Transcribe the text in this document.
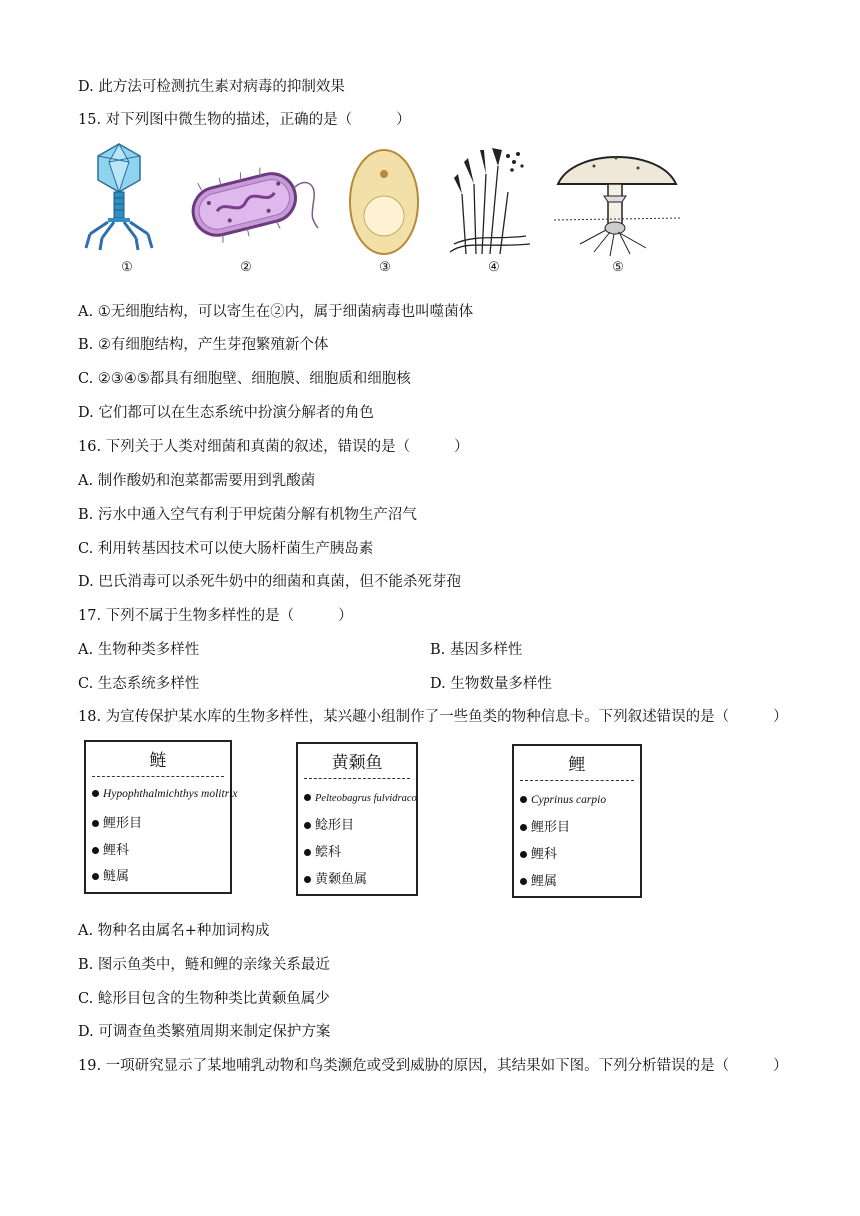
D. 此方法可检测抗生素对病毒的抑制效果
15. 对下列图中微生物的描述，正确的是（	）
①	②	③	④	⑤
A. ①无细胞结构，可以寄生在②内，属于细菌病毒也叫噬菌体
B. ②有细胞结构，产生芽孢繁殖新个体
C. ②③④⑤都具有细胞壁、细胞膜、细胞质和细胞核
D. 它们都可以在生态系统中扮演分解者的角色
16. 下列关于人类对细菌和真菌的叙述，错误的是（	）
A. 制作酸奶和泡菜都需要用到乳酸菌
B. 污水中通入空气有利于甲烷菌分解有机物生产沼气
C. 利用转基因技术可以使大肠杆菌生产胰岛素
D. 巴氏消毒可以杀死牛奶中的细菌和真菌，但不能杀死芽孢
17. 下列不属于生物多样性的是（	）
A. 生物种类多样性	B. 基因多样性
C. 生态系统多样性	D. 生物数量多样性
18. 为宣传保护某水库的生物多样性，某兴趣小组制作了一些鱼类的物种信息卡。下列叙述错误的是（	）
鲢
Hypophthalmichthys molitrix
鲤形目
鲤科
鲢属
黄颡鱼
Pelteobagrus fulvidraco
鲶形目
鲿科
黄颡鱼属
鲤
Cyprinus carpio
鲤形目
鲤科
鲤属
A. 物种名由属名+种加词构成
B. 图示鱼类中，鲢和鲤的亲缘关系最近
C. 鲶形目包含的生物种类比黄颡鱼属少
D. 可调查鱼类繁殖周期来制定保护方案
19. 一项研究显示了某地哺乳动物和鸟类濒危或受到威胁的原因，其结果如下图。下列分析错误的是（	）
